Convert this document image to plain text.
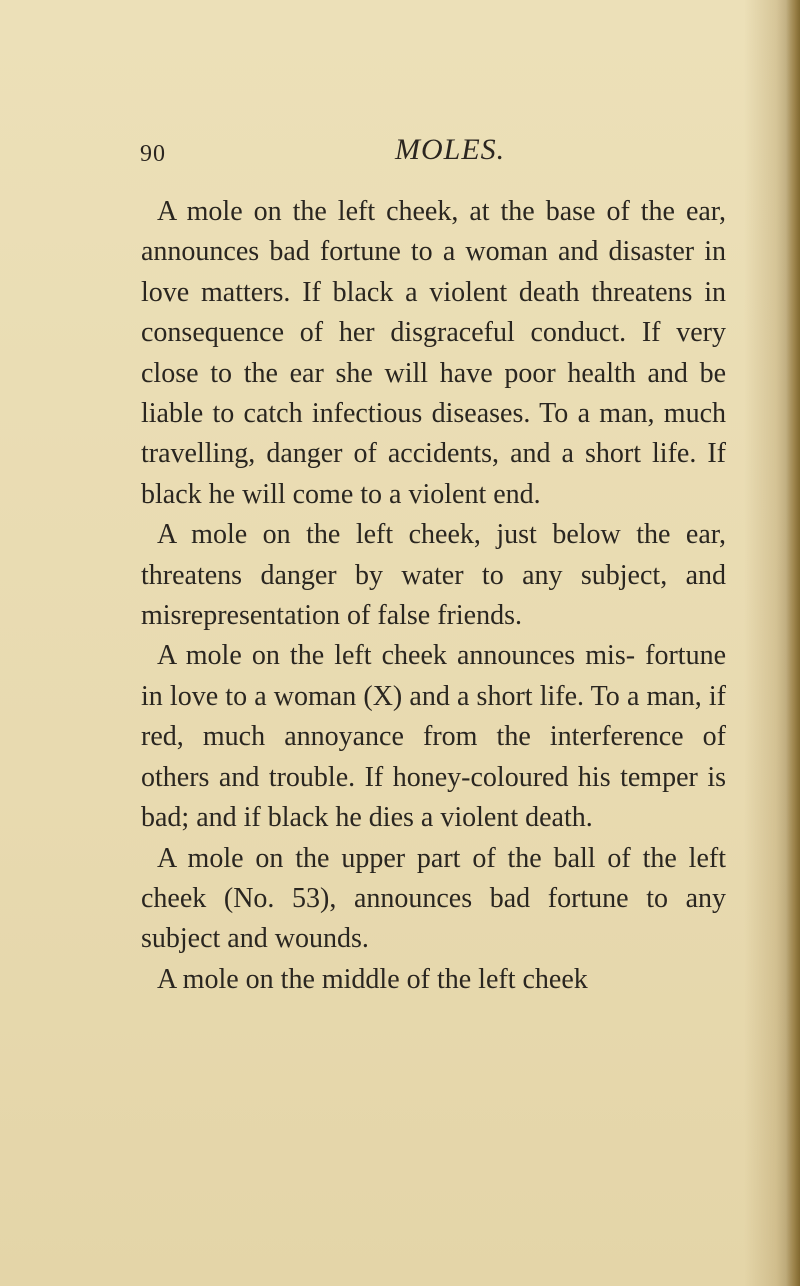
90	MOLES.

A mole on the left cheek, at the base of the ear, announces bad fortune to a woman and disaster in love matters. If black a violent death threatens in consequence of her disgraceful conduct. If very close to the ear she will have poor health and be liable to catch infectious diseases. To a man, much travelling, danger of accidents, and a short life. If black he will come to a violent end.

A mole on the left cheek, just below the ear, threatens danger by water to any subject, and misrepresentation of false friends.

A mole on the left cheek announces mis- fortune in love to a woman (X) and a short life. To a man, if red, much annoyance from the interference of others and trouble. If honey-coloured his temper is bad; and if black he dies a violent death.

A mole on the upper part of the ball of the left cheek (No. 53), announces bad fortune to any subject and wounds.

A mole on the middle of the left cheek
